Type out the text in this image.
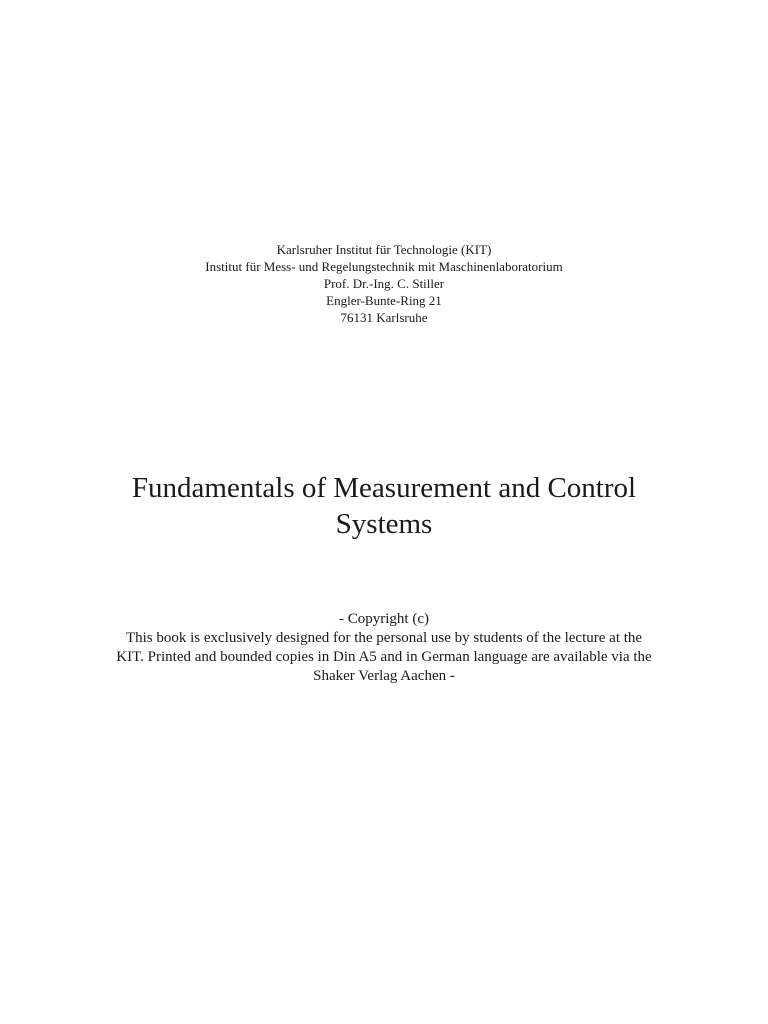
Karlsruher Institut für Technologie (KIT)
Institut für Mess- und Regelungstechnik mit Maschinenlaboratorium
Prof. Dr.-Ing. C. Stiller
Engler-Bunte-Ring 21
76131 Karlsruhe
Fundamentals of Measurement and Control
Systems
- Copyright (c)
This book is exclusively designed for the personal use by students of the lecture at the
KIT. Printed and bounded copies in Din A5 and in German language are available via the
Shaker Verlag Aachen -
